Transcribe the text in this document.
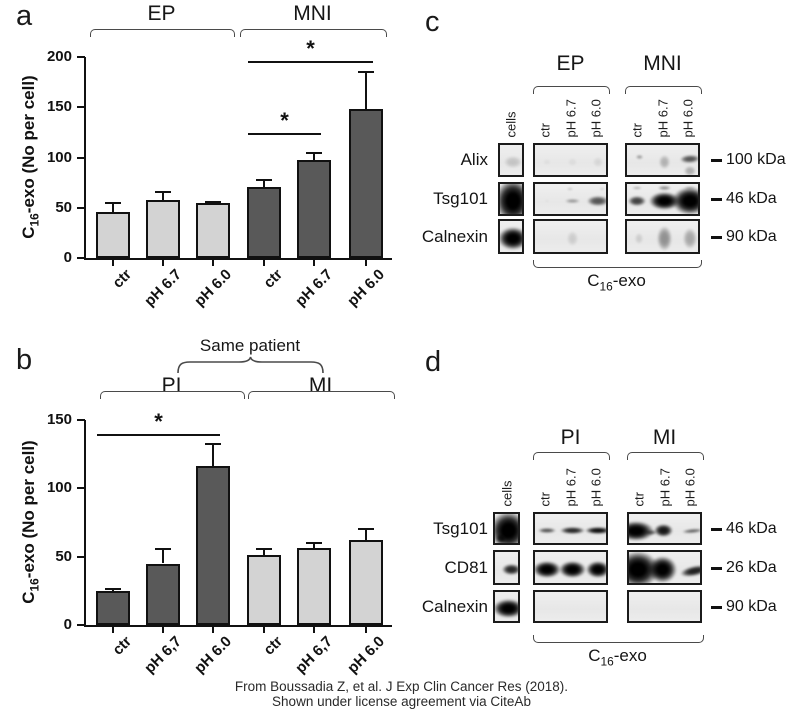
a
$C_{16}$-exo (No per cell)
0
50
100
150
200
ctr pH 6.7 pH 6.0	ctr pH 6.7 pH 6.0
*
*
EP	MNI
b	Same patient
$C_{16}$-exo (No per cell)
0
50
100
150
ctr pH 6,7 pH 6.0	ctr pH 6,7 pH 6.0
*
PI	MI
c
$C_{16}$-exo
EP	MNI
cells ctr pH 6.7 pH 6.0 ctr pH 6.7 pH 6.0
Alix	100 kDa
Tsg101	46 kDa
Calnexin	90 kDa
d
$C_{16}$-exo
PI	MI
cells ctr pH 6.7 pH 6.0 ctr pH 6.7 pH 6.0
Tsg101	46 kDa
CD81	26 kDa
Calnexin	90 kDa
From Boussadia Z, et al. J Exp Clin Cancer Res (2018).
Shown under license agreement via CiteAb
